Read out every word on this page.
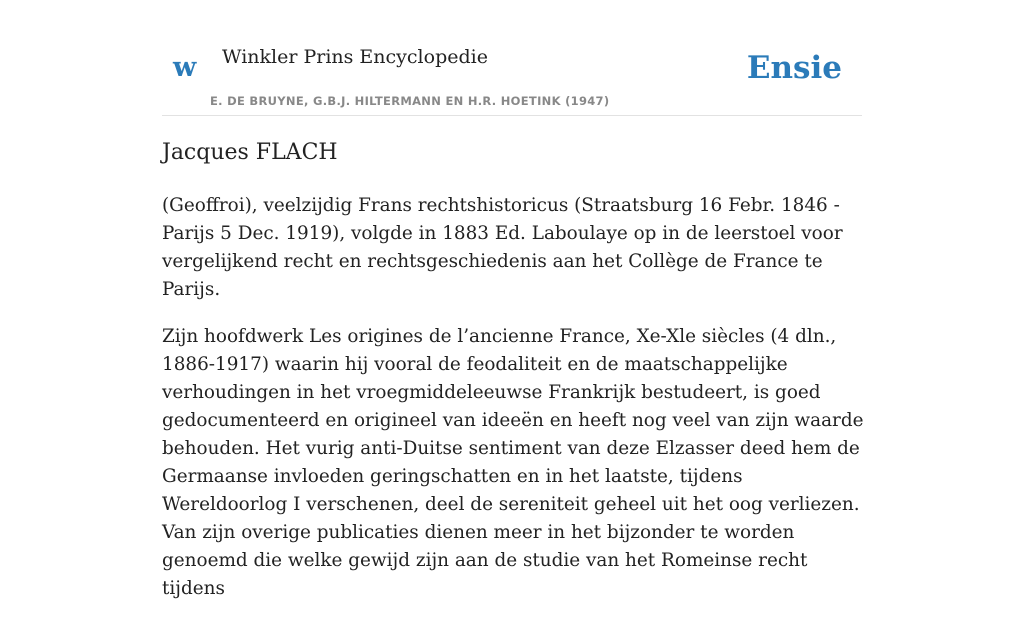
w Winkler Prins Encyclopedie
E. DE BRUYNE, G.B.J. HILTERMANN EN H.R. HOETINK (1947)
Ensie
Jacques FLACH

(Geoffroi), veelzijdig Frans rechtshistoricus (Straatsburg 16 Febr. 1846 - Parijs 5 Dec. 1919), volgde in 1883 Ed. Laboulaye op in de leerstoel voor vergelijkend recht en rechtsgeschiedenis aan het Collège de France te Parijs.

Zijn hoofdwerk Les origines de l’ancienne France, Xe-Xle siècles (4 dln., 1886-1917) waarin hij vooral de feodaliteit en de maatschappelijke verhoudingen in het vroegmiddeleeuwse Frankrijk bestudeert, is goed gedocumenteerd en origineel van ideeën en heeft nog veel van zijn waarde behouden. Het vurig anti-Duitse sentiment van deze Elzasser deed hem de Germaanse invloeden geringschatten en in het laatste, tijdens Wereldoorlog I verschenen, deel de sereniteit geheel uit het oog verliezen. Van zijn overige publicaties dienen meer in het bijzonder te worden genoemd die welke gewijd zijn aan de studie van het Romeinse recht tijdens
